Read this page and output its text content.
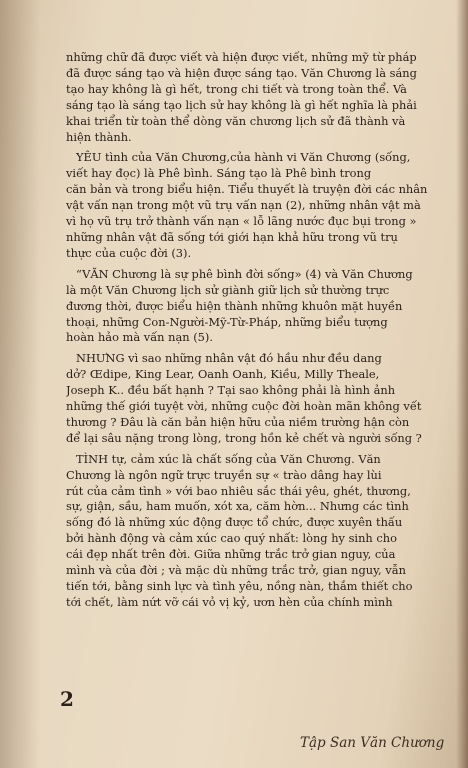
những chữ đã được viết và hiện được viết, những mỹ từ pháp
đã được sáng tạo và hiện được sáng tạo. Văn Chương là sáng
tạo hay không là gì hết, trong chi tiết và trong toàn thể. Và
sáng tạo là sáng tạo lịch sử hay không là gì hết nghĩa là phải
khai triển từ toàn thể dòng văn chương lịch sử đã thành và
hiện thành.

YÊU tình của Văn Chương,của hành vi Văn Chương (sống,
viết hay đọc) là Phê bình. Sáng tạo là Phê bình trong
căn bản và trong biểu hiện. Tiểu thuyết là truyện đời các nhân
vật vấn nạn trong một vũ trụ vấn nạn (2), những nhân vật mà
vì họ vũ trụ trở thành vấn nạn « lỗ lãng nước đục bụi trong »
những nhân vật đã sống tới giới hạn khả hữu trong vũ trụ
thực của cuộc đời (3).

“VĂN Chương là sự phê bình đời sống» (4) và Văn Chương
là một Văn Chương lịch sử giành giữ lịch sử thường trực
đương thời, được biểu hiện thành những khuôn mặt huyền
thoại, những Con-Người-Mỹ-Từ-Pháp, những biểu tượng
hoàn hảo mà vấn nạn (5).

NHƯNG vì sao những nhân vật đó hầu như đều dang
dở? Œdipe, King Lear, Oanh Oanh, Kiều, Milly Theale,
Joseph K.. đều bất hạnh ? Tại sao không phải là hình ảnh
những thế giới tuyệt vời, những cuộc đời hoàn mãn không vết
thương ? Đâu là căn bản hiện hữu của niềm trường hận còn
để lại sâu nặng trong lòng, trong hồn kẻ chết và người sống ?

TÌNH tự, cảm xúc là chất sống của Văn Chương. Văn
Chương là ngôn ngữ trực truyền sự « trào dâng hay lùi
rút của cảm tình » với bao nhiêu sắc thái yêu, ghét, thương,
sự, giận, sầu, ham muốn, xót xa, căm hờn... Nhưng các tình
sống đó là những xúc động được tổ chức, được xuyên thấu
bởi hành động và cảm xúc cao quý nhất: lòng hy sinh cho
cái đẹp nhất trên đời. Giữa những trắc trở gian nguy, của
mình và của đời ; và mặc dù những trắc trở, gian nguy, vẫn
tiến tới, bằng sinh lực và tình yêu, nồng nàn, thắm thiết cho
tới chết, làm nứt vỡ cái vỏ vị kỷ, ươn hèn của chính mình

2
Tập San Văn Chương
